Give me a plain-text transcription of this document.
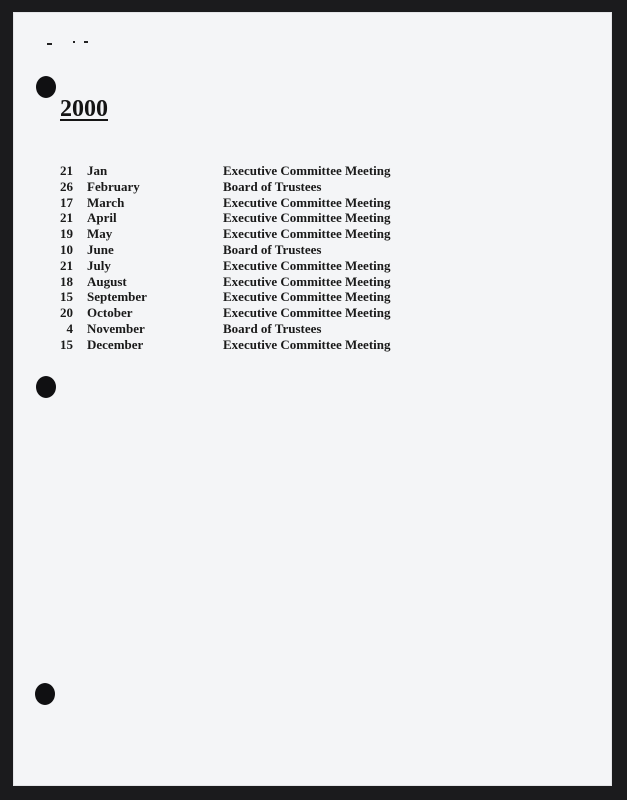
2000
21 Jan	Executive Committee Meeting
26 February	Board of Trustees
17 March	Executive Committee Meeting
21 April	Executive Committee Meeting
19 May	Executive Committee Meeting
10 June	Board of Trustees
21 July	Executive Committee Meeting
18 August	Executive Committee Meeting
15 September	Executive Committee Meeting
20 October	Executive Committee Meeting
4 November	Board of Trustees
15 December	Executive Committee Meeting
